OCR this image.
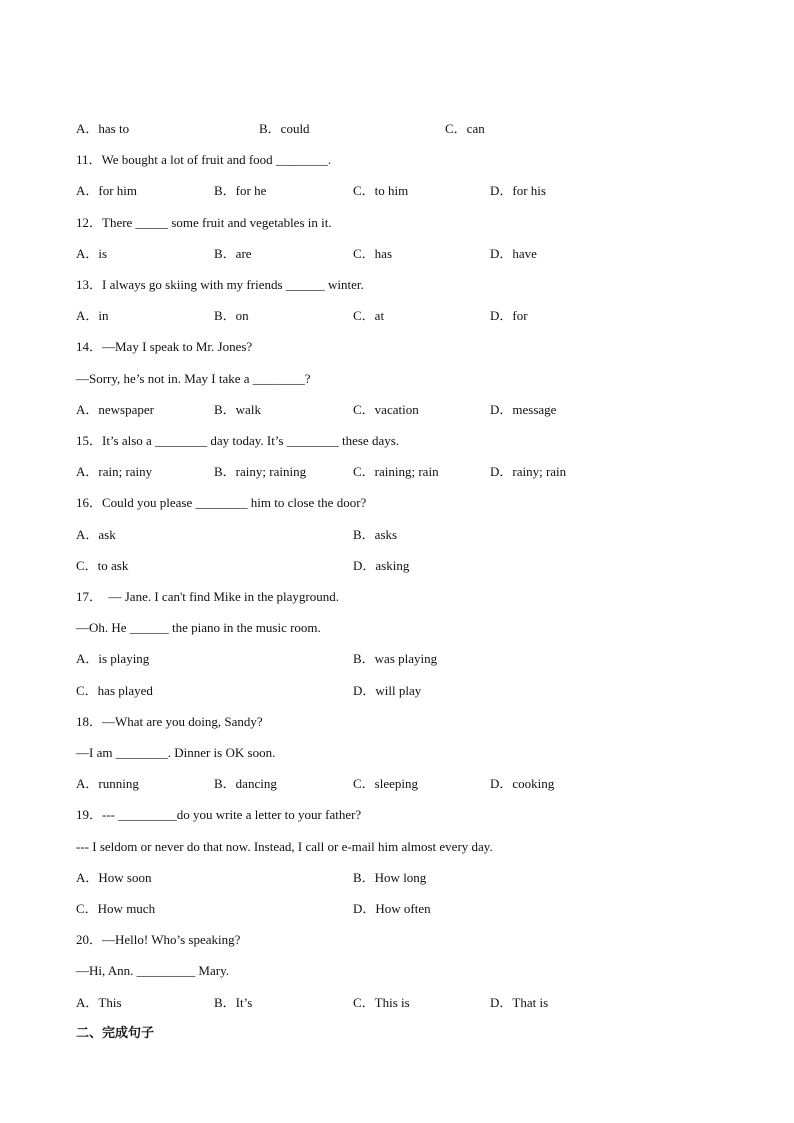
A．has to	B．could	C．can
11．We bought a lot of fruit and food ________.
A．for him	B．for he	C．to him	D．for his
12．There _____ some fruit and vegetables in it.
A．is	B．are	C．has	D．have
13．I always go skiing with my friends ______ winter.
A．in	B．on	C．at	D．for
14．—May I speak to Mr. Jones?
—Sorry, he’s not in. May I take a ________?
A．newspaper	B．walk	C．vacation	D．message
15．It’s also a ________ day today. It’s ________ these days.
A．rain; rainy	B．rainy; raining	C．raining; rain	D．rainy; rain
16．Could you please ________ him to close the door?
A．ask	B．asks
C．to ask	D．asking
17．　— Jane. I can't find Mike in the playground.
—Oh. He ______ the piano in the music room.
A．is playing	B．was playing
C．has played	D．will play
18．—What are you doing, Sandy?
—I am ________. Dinner is OK soon.
A．running	B．dancing	C．sleeping	D．cooking
19．--- _________do you write a letter to your father?
--- I seldom or never do that now. Instead, I call or e-mail him almost every day.
A．How soon	B．How long
C．How much	D．How often
20．—Hello! Who’s speaking?
—Hi, Ann. _________ Mary.
A．This	B．It’s	C．This is	D．That is
二、完成句子
